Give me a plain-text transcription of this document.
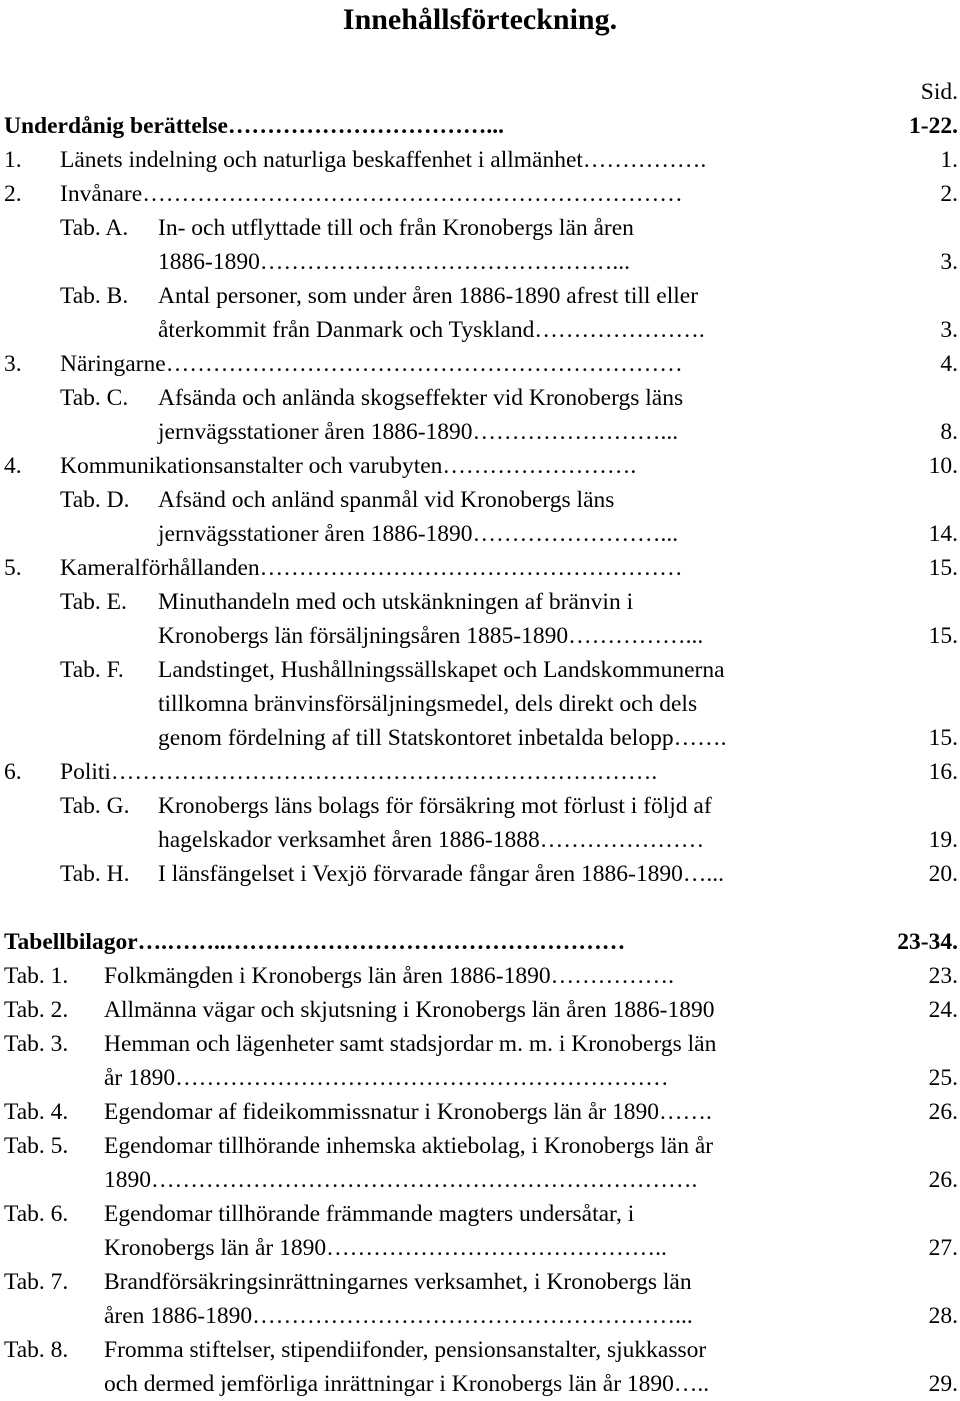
Innehållsförteckning.
Sid.
Underdånig berättelse……………………………...	1-22.
1. Länets indelning och naturliga beskaffenhet i allmänhet…………….	1.
2. Invånare……………………………………………………………	2.
Tab. A. In- och utflyttade till och från Kronobergs län åren
1886-1890………………………………………...	3.
Tab. B. Antal personer, som under åren 1886-1890 afrest till eller
återkommit från Danmark och Tyskland………………….	3.
3. Näringarne…………………………………………………………	4.
Tab. C. Afsända och anlända skogseffekter vid Kronobergs läns
jernvägsstationer åren 1886-1890……………………...	8.
4. Kommunikationsanstalter och varubyten…………………….	10.
Tab. D. Afsänd och anländ spanmål vid Kronobergs läns
jernvägsstationer åren 1886-1890……………………...	14.
5. Kameralförhållanden………………………………………………	15.
Tab. E. Minuthandeln med och utskänkningen af bränvin i
Kronobergs län försäljningsåren 1885-1890……………...	15.
Tab. F. Landstinget, Hushållningssällskapet och Landskommunerna
tillkomna bränvinsförsäljningsmedel, dels direkt och dels
genom fördelning af till Statskontoret inbetalda belopp…….	15.
6. Politi…………………………………………………………….	16.
Tab. G. Kronobergs läns bolags för försäkring mot förlust i följd af
hagelskador verksamhet åren 1886-1888…………………	19.
Tab. H. I länsfängelset i Vexjö förvarade fångar åren 1886-1890…...	20.
Tabellbilagor….……..……………………………………………	23-34.
Tab. 1. Folkmängden i Kronobergs län åren 1886-1890…………….	23.
Tab. 2. Allmänna vägar och skjutsning i Kronobergs län åren 1886-1890	24.
Tab. 3. Hemman och lägenheter samt stadsjordar m. m. i Kronobergs län
år 1890………………………………………………………	25.
Tab. 4. Egendomar af fideikommissnatur i Kronobergs län år 1890…….	26.
Tab. 5. Egendomar tillhörande inhemska aktiebolag, i Kronobergs län år
1890…………………………………………………………….	26.
Tab. 6. Egendomar tillhörande främmande magters undersåtar, i
Kronobergs län år 1890……………………………………..	27.
Tab. 7. Brandförsäkringsinrättningarnes verksamhet, i Kronobergs län
åren 1886-1890………………………………………………...	28.
Tab. 8. Fromma stiftelser, stipendiifonder, pensionsanstalter, sjukkassor
och dermed jemförliga inrättningar i Kronobergs län år 1890…..	29.
